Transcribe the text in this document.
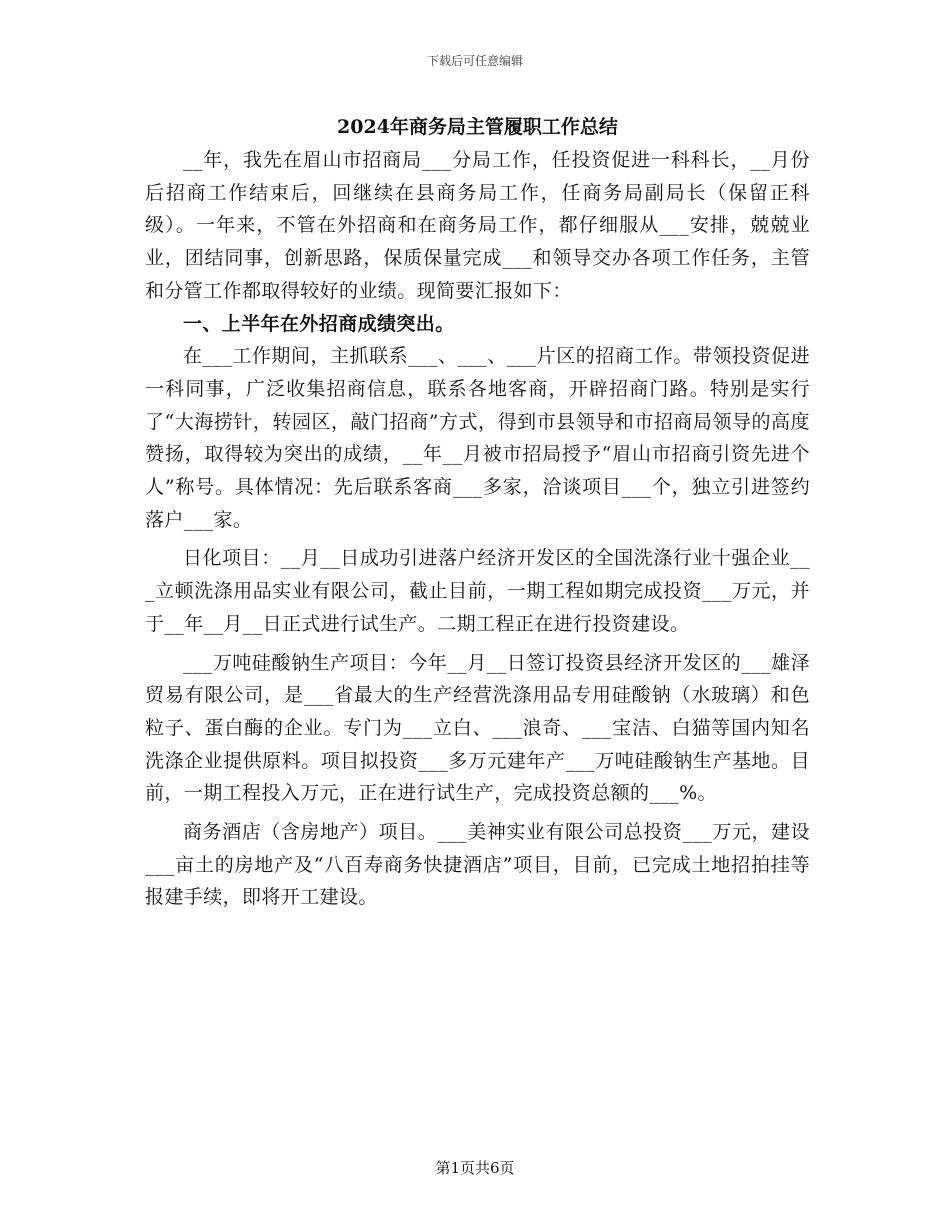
下载后可任意编辑
2024年商务局主管履职工作总结

__年，我先在眉山市招商局___分局工作，任投资促进一科科长，__月份后招商工作结束后，回继续在县商务局工作，任商务局副局长（保留正科级）。一年来，不管在外招商和在商务局工作，都仔细服从___安排，兢兢业业，团结同事，创新思路，保质保量完成___和领导交办各项工作任务，主管和分管工作都取得较好的业绩。现简要汇报如下：

一、上半年在外招商成绩突出。

在___工作期间，主抓联系___、___、___片区的招商工作。带领投资促进一科同事，广泛收集招商信息，联系各地客商，开辟招商门路。特别是实行了“大海捞针，转园区，敲门招商”方式，得到市县领导和市招商局领导的高度赞扬，取得较为突出的成绩，__年__月被市招局授予“眉山市招商引资先进个人”称号。具体情况：先后联系客商___多家，洽谈项目___个，独立引进签约落户___家。

日化项目：__月__日成功引进落户经济开发区的全国洗涤行业十强企业___立顿洗涤用品实业有限公司，截止目前，一期工程如期完成投资___万元，并于__年__月__日正式进行试生产。二期工程正在进行投资建设。

___万吨硅酸钠生产项目：今年__月__日签订投资县经济开发区的___雄泽贸易有限公司，是___省最大的生产经营洗涤用品专用硅酸钠（水玻璃）和色粒子、蛋白酶的企业。专门为___立白、___浪奇、___宝洁、白猫等国内知名洗涤企业提供原料。项目拟投资___多万元建年产___万吨硅酸钠生产基地。目前，一期工程投入万元，正在进行试生产，完成投资总额的___%。

商务酒店（含房地产）项目。___美神实业有限公司总投资___万元，建设___亩土的房地产及“八百寿商务快捷酒店”项目，目前，已完成土地招拍挂等报建手续，即将开工建设。

第1页共6页
